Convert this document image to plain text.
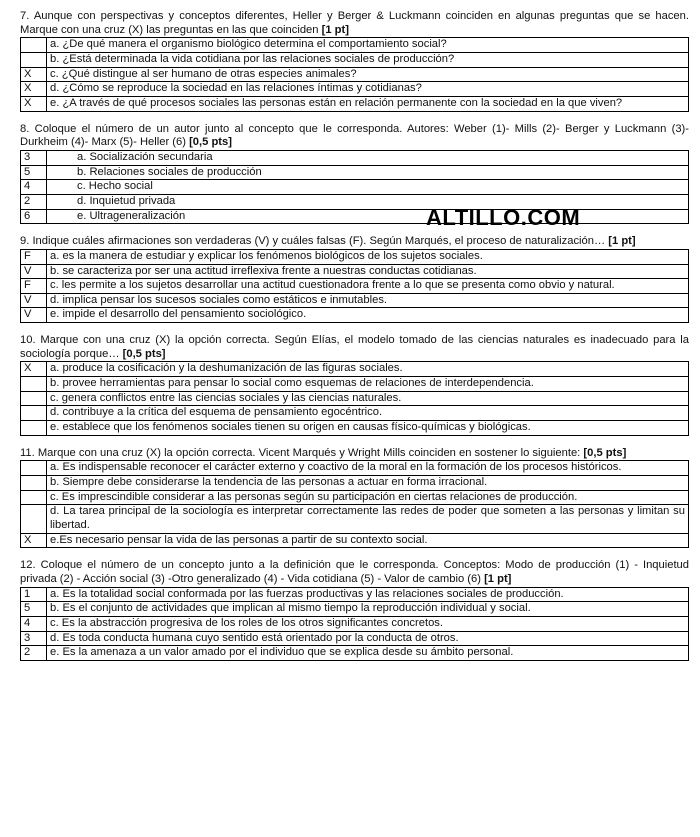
7. Aunque con perspectivas y conceptos diferentes, Heller y Berger & Luckmann coinciden en algunas preguntas que se hacen. Marque con una cruz (X) las preguntas en las que coinciden [1 pt]

	a. ¿De qué manera el organismo biológico determina el comportamiento social?
	b. ¿Está determinada la vida cotidiana por las relaciones sociales de producción?
X	c. ¿Qué distingue al ser humano de otras especies animales?
X	d. ¿Cómo se reproduce la sociedad en las relaciones íntimas y cotidianas?
X	e. ¿A través de qué procesos sociales las personas están en relación permanente con la sociedad en la que viven?

8. Coloque el número de un autor junto al concepto que le corresponda. Autores: Weber (1)- Mills (2)- Berger y Luckmann (3)- Durkheim (4)- Marx (5)- Heller (6) [0,5 pts]

3	a. Socialización secundaria
5	b. Relaciones sociales de producción
4	c. Hecho social
2	d. Inquietud privada
6	e. Ultrageneralización

9. Indique cuáles afirmaciones son verdaderas (V) y cuáles falsas (F). Según Marqués, el proceso de naturalización… [1 pt]

F	a. es la manera de estudiar y explicar los fenómenos biológicos de los sujetos sociales.
V	b. se caracteriza por ser una actitud irreflexiva frente a nuestras conductas cotidianas.
F	c. les permite a los sujetos desarrollar una actitud cuestionadora frente a lo que se presenta como obvio y natural.
V	d. implica pensar los sucesos sociales como estáticos e inmutables.
V	e. impide el desarrollo del pensamiento sociológico.

10. Marque con una cruz (X) la opción correcta. Según Elías, el modelo tomado de las ciencias naturales es inadecuado para la sociología porque… [0,5 pts]

X	a. produce la cosificación y la deshumanización de las figuras sociales.
	b. provee herramientas para pensar lo social como esquemas de relaciones de interdependencia.
	c. genera conflictos entre las ciencias sociales y las ciencias naturales.
	d. contribuye a la crítica del esquema de pensamiento egocéntrico.
	e. establece que los fenómenos sociales tienen su origen en causas físico-químicas y biológicas.

11. Marque con una cruz (X) la opción correcta. Vicent Marqués y Wright Mills coinciden en sostener lo siguiente: [0,5 pts]

	a. Es indispensable reconocer el carácter externo y coactivo de la moral en la formación de los procesos históricos.
	b. Siempre debe considerarse la tendencia de las personas a actuar en forma irracional.
	c. Es imprescindible considerar a las personas según su participación en ciertas relaciones de producción.
	d. La tarea principal de la sociología es interpretar correctamente las redes de poder que someten a las personas y limitan su libertad.
X	e.Es necesario pensar la vida de las personas a partir de su contexto social.

12. Coloque el número de un concepto junto a la definición que le corresponda. Conceptos: Modo de producción (1) - Inquietud privada (2) - Acción social (3) -Otro generalizado (4) - Vida cotidiana (5) - Valor de cambio (6) [1 pt]

1	a. Es la totalidad social conformada por las fuerzas productivas y las relaciones sociales de producción.
5	b. Es el conjunto de actividades que implican al mismo tiempo la reproducción individual y social.
4	c. Es la abstracción progresiva de los roles de los otros significantes concretos.
3	d. Es toda conducta humana cuyo sentido está orientado por la conducta de otros.
2	e. Es la amenaza a un valor amado por el individuo que se explica desde su ámbito personal.
ALTILLO.COM
